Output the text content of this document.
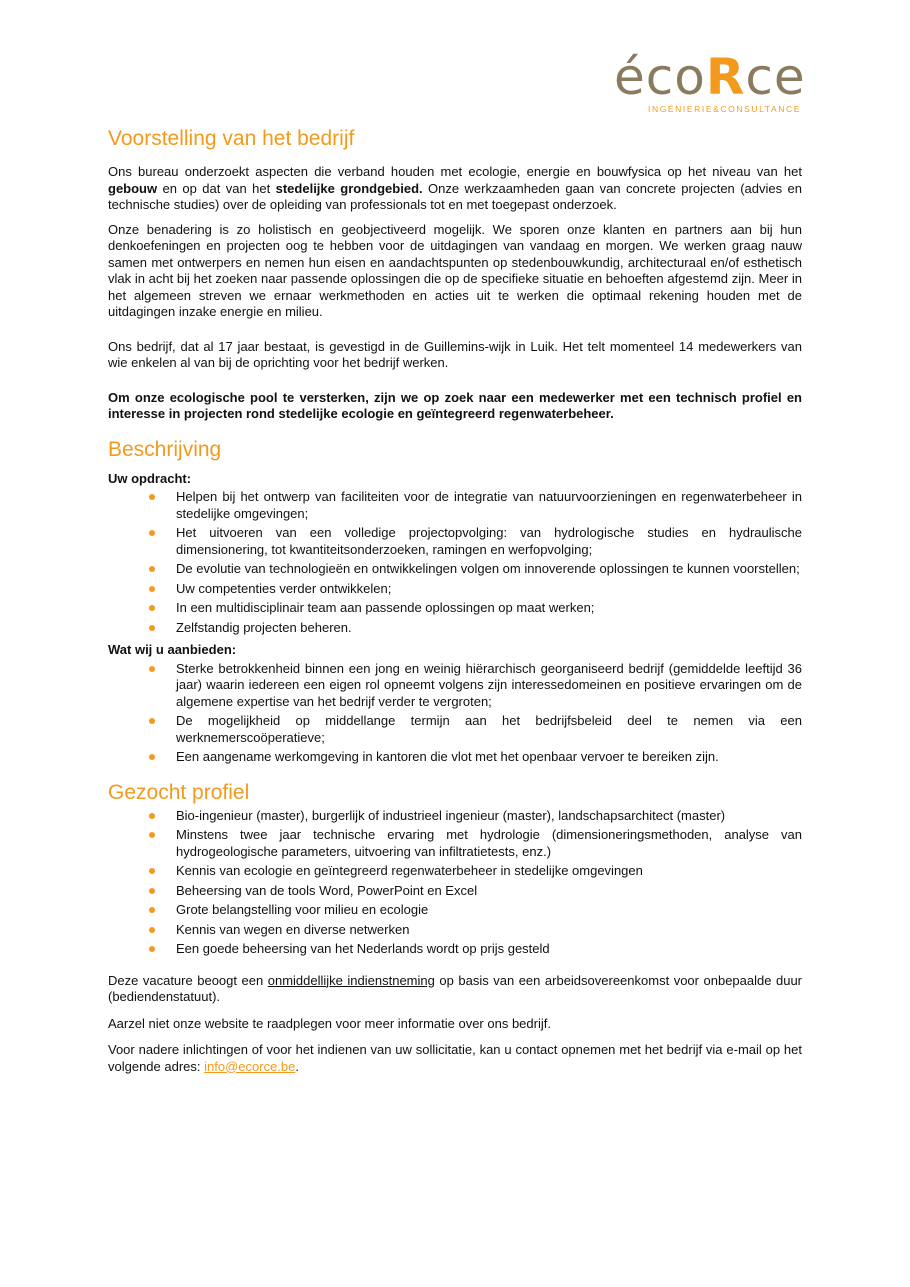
écoRce
INGÉNIERIE&CONSULTANCE
Voorstelling van het bedrijf

Ons bureau onderzoekt aspecten die verband houden met ecologie, energie en bouwfysica op het niveau van het gebouw en op dat van het stedelijke grondgebied. Onze werkzaamheden gaan van concrete projecten (advies en technische studies) over de opleiding van professionals tot en met toegepast onderzoek.

Onze benadering is zo holistisch en geobjectiveerd mogelijk. We sporen onze klanten en partners aan bij hun denkoefeningen en projecten oog te hebben voor de uitdagingen van vandaag en morgen. We werken graag nauw samen met ontwerpers en nemen hun eisen en aandachtspunten op stedenbouwkundig, architecturaal en/of esthetisch vlak in acht bij het zoeken naar passende oplossingen die op de specifieke situatie en behoeften afgestemd zijn. Meer in het algemeen streven we ernaar werkmethoden en acties uit te werken die optimaal rekening houden met de uitdagingen inzake energie en milieu.

Ons bedrijf, dat al 17 jaar bestaat, is gevestigd in de Guillemins-wijk in Luik. Het telt momenteel 14 medewerkers van wie enkelen al van bij de oprichting voor het bedrijf werken.

Om onze ecologische pool te versterken, zijn we op zoek naar een medewerker met een technisch profiel en interesse in projecten rond stedelijke ecologie en geïntegreerd regenwaterbeheer.

Beschrijving
Uw opdracht:
Helpen bij het ontwerp van faciliteiten voor de integratie van natuurvoorzieningen en regenwaterbeheer in stedelijke omgevingen;
Het uitvoeren van een volledige projectopvolging: van hydrologische studies en hydraulische dimensionering, tot kwantiteitsonderzoeken, ramingen en werfopvolging;
De evolutie van technologieën en ontwikkelingen volgen om innoverende oplossingen te kunnen voorstellen;
Uw competenties verder ontwikkelen;
In een multidisciplinair team aan passende oplossingen op maat werken;
Zelfstandig projecten beheren.
Wat wij u aanbieden:
Sterke betrokkenheid binnen een jong en weinig hiërarchisch georganiseerd bedrijf (gemiddelde leeftijd 36 jaar) waarin iedereen een eigen rol opneemt volgens zijn interessedomeinen en positieve ervaringen om de algemene expertise van het bedrijf verder te vergroten;
De mogelijkheid op middellange termijn aan het bedrijfsbeleid deel te nemen via een werknemerscoöperatieve;
Een aangename werkomgeving in kantoren die vlot met het openbaar vervoer te bereiken zijn.
Gezocht profiel
Bio-ingenieur (master), burgerlijk of industrieel ingenieur (master), landschapsarchitect (master)
Minstens twee jaar technische ervaring met hydrologie (dimensioneringsmethoden, analyse van hydrogeologische parameters, uitvoering van infiltratietests, enz.)
Kennis van ecologie en geïntegreerd regenwaterbeheer in stedelijke omgevingen
Beheersing van de tools Word, PowerPoint en Excel
Grote belangstelling voor milieu en ecologie
Kennis van wegen en diverse netwerken
Een goede beheersing van het Nederlands wordt op prijs gesteld

Deze vacature beoogt een onmiddellijke indienstneming op basis van een arbeidsovereenkomst voor onbepaalde duur (bediendenstatuut).

Aarzel niet onze website te raadplegen voor meer informatie over ons bedrijf.

Voor nadere inlichtingen of voor het indienen van uw sollicitatie, kan u contact opnemen met het bedrijf via e-mail op het volgende adres: info@ecorce.be.
